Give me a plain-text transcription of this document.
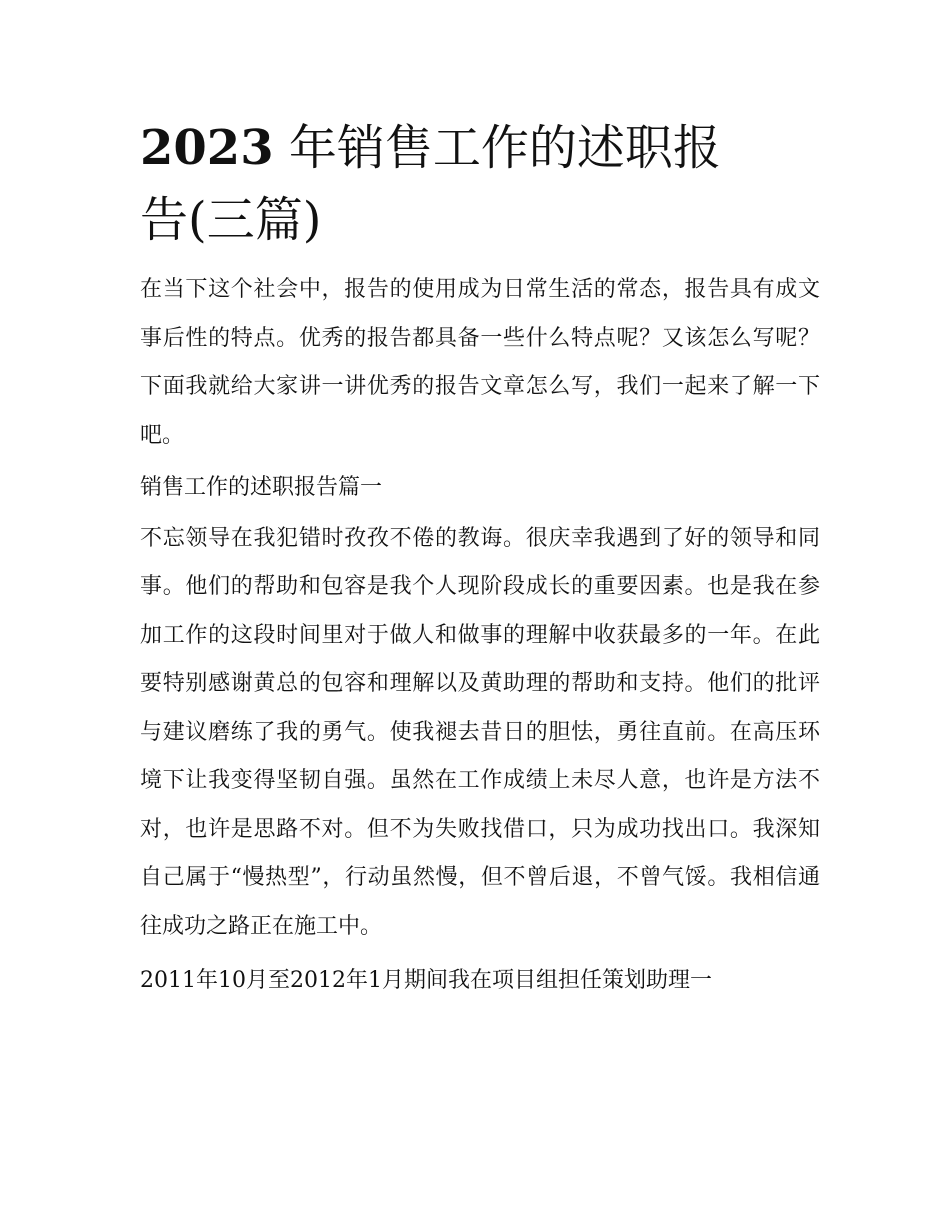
2023 年销售工作的述职报告(三篇)

在当下这个社会中，报告的使用成为日常生活的常态，报告具有成文事后性的特点。优秀的报告都具备一些什么特点呢？又该怎么写呢？下面我就给大家讲一讲优秀的报告文章怎么写，我们一起来了解一下吧。

销售工作的述职报告篇一

不忘领导在我犯错时孜孜不倦的教诲。很庆幸我遇到了好的领导和同事。他们的帮助和包容是我个人现阶段成长的重要因素。也是我在参加工作的这段时间里对于做人和做事的理解中收获最多的一年。在此要特别感谢黄总的包容和理解以及黄助理的帮助和支持。他们的批评与建议磨练了我的勇气。使我褪去昔日的胆怯，勇往直前。在高压环境下让我变得坚韧自强。虽然在工作成绩上未尽人意，也许是方法不对，也许是思路不对。但不为失败找借口，只为成功找出口。我深知自己属于“慢热型”，行动虽然慢，但不曾后退，不曾气馁。我相信通往成功之路正在施工中。

2011年10月至2012年1月期间我在项目组担任策划助理一
